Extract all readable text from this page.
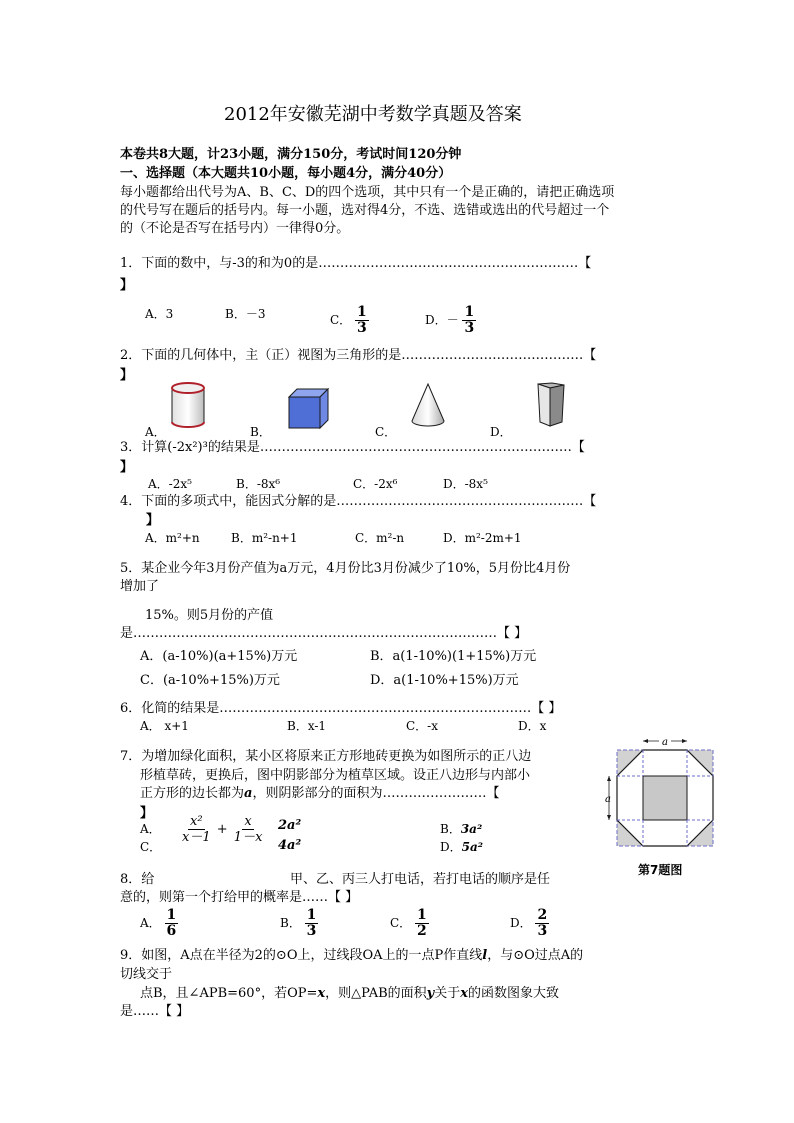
2012年安徽芜湖中考数学真题及答案
本卷共8大题，计23小题，满分150分，考试时间120分钟
一、选择题（本大题共10小题，每小题4分，满分40分）
每小题都给出代号为A、B、C、D的四个选项，其中只有一个是正确的，请把正确选项
的代号写在题后的括号内。每一小题，选对得4分，不选、选错或选出的代号超过一个
的（不论是否写在括号内）一律得0分。
1．下面的数中，与-3的和为0的是……………………………………………………【
】
A．3	B．－3	C． $\frac{1}{3}$	D．－ $\frac{1}{3}$
2．下面的几何体中，主（正）视图为三角形的是……………………………………【
】
A．	B．	C．	D．
3．计算(-2x²)³的结果是………………………………………………………………【
】
A．-2x⁵	B．-8x⁶	C．-2x⁶	D．-8x⁵
4．下面的多项式中，能因式分解的是…………………………………………………【
】
A．m²+n	B．m²-n+1	C．m²-n	D．m²-2m+1
5．某企业今年3月份产值为a万元，4月份比3月份减少了10%，5月份比4月份
增加了
15%。则5月份的产值
是…………………………………………………………………………【 】
A．(a-10%)(a+15%)万元	B．a(1-10%)(1+15%)万元
C．(a-10%+15%)万元	D．a(1-10%+15%)万元
6．化简的结果是………………………………………………………………【 】
A． x+1	B．x-1	C．-x	D．x
7．为增加绿化面积，某小区将原来正方形地砖更换为如图所示的正八边
形植草砖，更换后，图中阴影部分为植草区域。设正八边形与内部小
正方形的边长都为a，则阴影部分的面积为……………………【
】
A． $\frac{\text{x²}}{x-1} + \frac{x}{1-x} 2a^2$	B．3a²
C．	4a²	D．5a²
a
a
第7题图
8．给	甲、乙、丙三人打电话，若打电话的顺序是任
意的，则第一个打给甲的概率是……【 】
A． $\frac{1}{6}$	B． $\frac{1}{3}$	C． $\frac{1}{2}$	D． $\frac{2}{3}$
9．如图，A点在半径为2的⊙O上，过线段OA上的一点P作直线l，与⊙O过点A的
切线交于
点B，且∠APB=60°，若OP=x，则△PAB的面积y关于x的函数图象大致
是……【 】
